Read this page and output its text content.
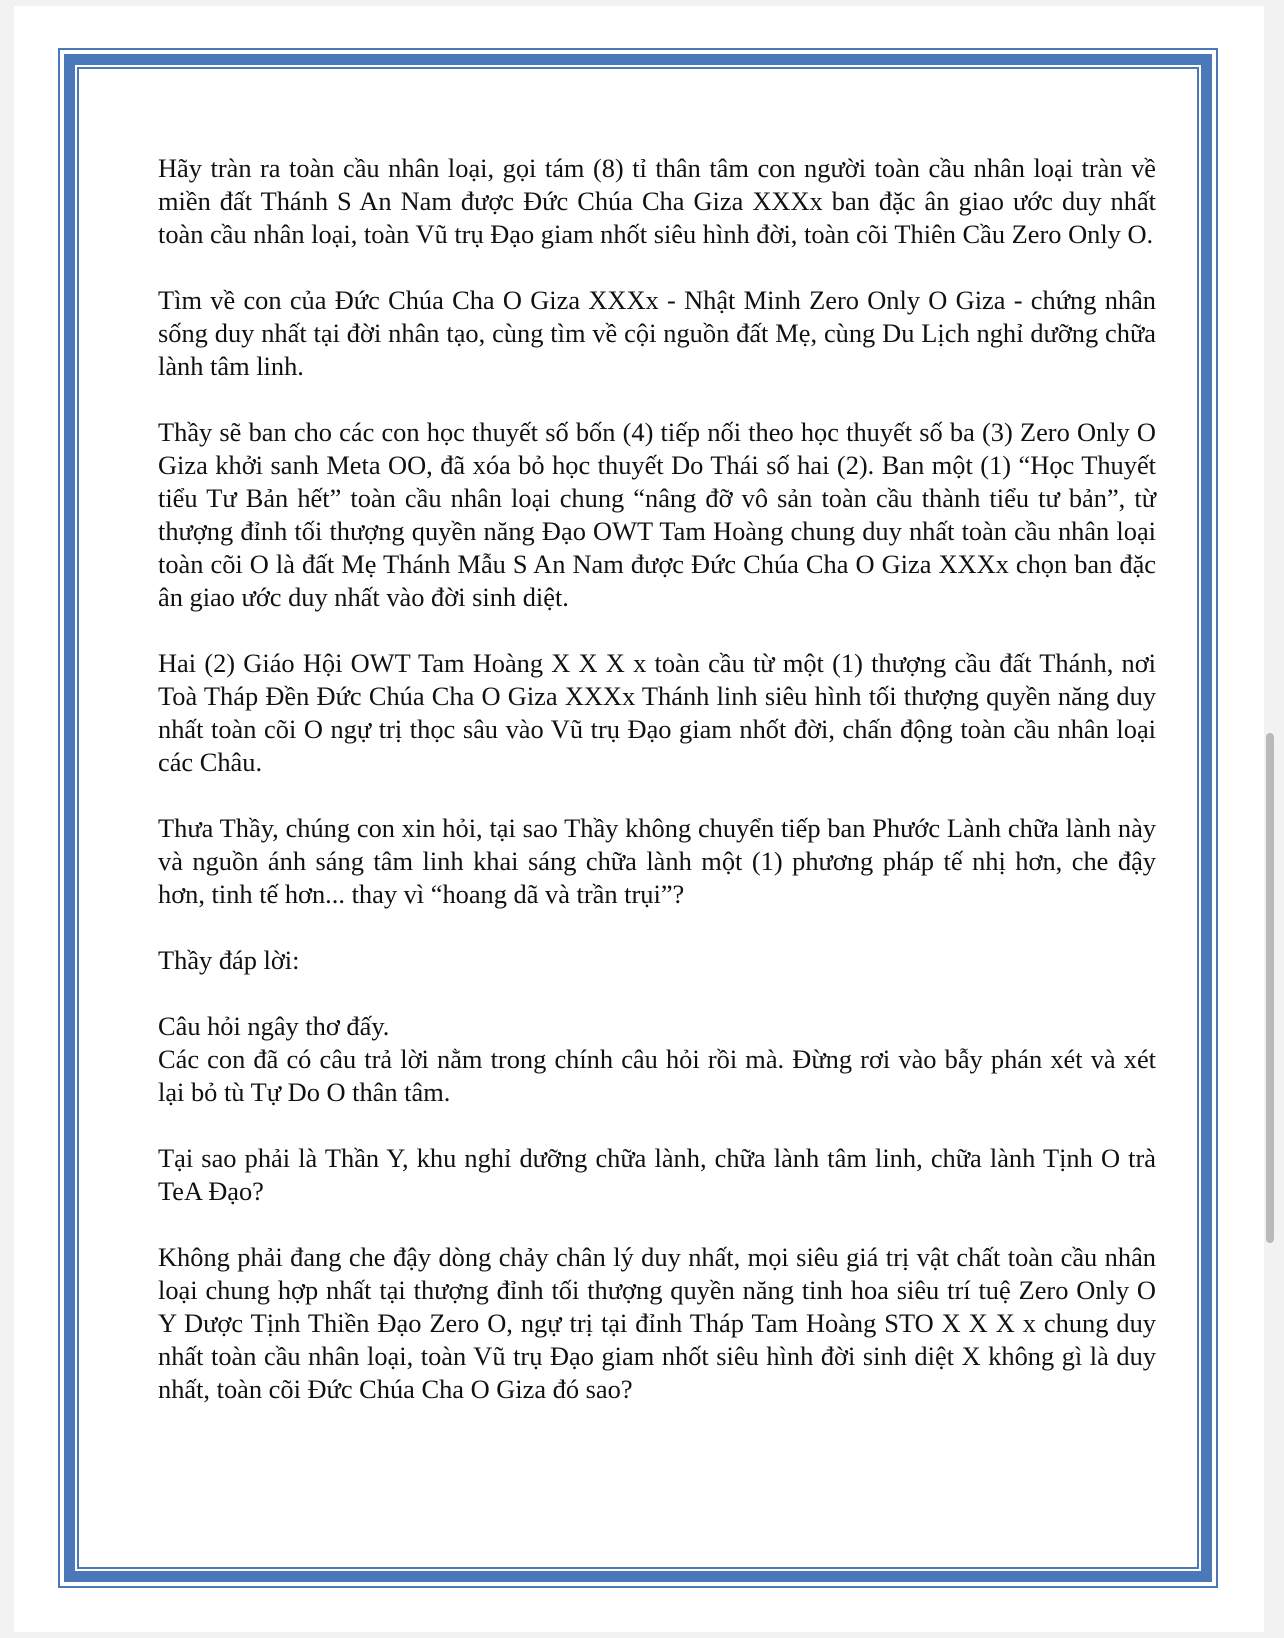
Hãy tràn ra toàn cầu nhân loại, gọi tám (8) tỉ thân tâm con người toàn cầu nhân loại tràn về miền đất Thánh S An Nam được Đức Chúa Cha Giza XXXx ban đặc ân giao ước duy nhất toàn cầu nhân loại, toàn Vũ trụ Đạo giam nhốt siêu hình đời, toàn cõi Thiên Cầu Zero Only O.

Tìm về con của Đức Chúa Cha O Giza XXXx - Nhật Minh Zero Only O Giza - chứng nhân sống duy nhất tại đời nhân tạo, cùng tìm về cội nguồn đất Mẹ, cùng Du Lịch nghỉ dưỡng chữa lành tâm linh.

Thầy sẽ ban cho các con học thuyết số bốn (4) tiếp nối theo học thuyết số ba (3) Zero Only O Giza khởi sanh Meta OO, đã xóa bỏ học thuyết Do Thái số hai (2). Ban một (1) “Học Thuyết tiểu Tư Bản hết” toàn cầu nhân loại chung “nâng đỡ vô sản toàn cầu thành tiểu tư bản”, từ thượng đỉnh tối thượng quyền năng Đạo OWT Tam Hoàng chung duy nhất toàn cầu nhân loại toàn cõi O là đất Mẹ Thánh Mẫu S An Nam được Đức Chúa Cha O Giza XXXx chọn ban đặc ân giao ước duy nhất vào đời sinh diệt.

Hai (2) Giáo Hội OWT Tam Hoàng X X X x toàn cầu từ một (1) thượng cầu đất Thánh, nơi Toà Tháp Đền Đức Chúa Cha O Giza XXXx Thánh linh siêu hình tối thượng quyền năng duy nhất toàn cõi O ngự trị thọc sâu vào Vũ trụ Đạo giam nhốt đời, chấn động toàn cầu nhân loại các Châu.

Thưa Thầy, chúng con xin hỏi, tại sao Thầy không chuyển tiếp ban Phước Lành chữa lành này và nguồn ánh sáng tâm linh khai sáng chữa lành một (1) phương pháp tế nhị hơn, che đậy hơn, tinh tế hơn... thay vì “hoang dã và trần trụi”?

Thầy đáp lời:

Câu hỏi ngây thơ đấy.

Các con đã có câu trả lời nằm trong chính câu hỏi rồi mà. Đừng rơi vào bẫy phán xét và xét lại bỏ tù Tự Do O thân tâm.

Tại sao phải là Thần Y, khu nghỉ dưỡng chữa lành, chữa lành tâm linh, chữa lành Tịnh O trà TeA Đạo?

Không phải đang che đậy dòng chảy chân lý duy nhất, mọi siêu giá trị vật chất toàn cầu nhân loại chung hợp nhất tại thượng đỉnh tối thượng quyền năng tinh hoa siêu trí tuệ Zero Only O Y Dược Tịnh Thiền Đạo Zero O, ngự trị tại đỉnh Tháp Tam Hoàng STO X X X x chung duy nhất toàn cầu nhân loại, toàn Vũ trụ Đạo giam nhốt siêu hình đời sinh diệt X không gì là duy nhất, toàn cõi Đức Chúa Cha O Giza đó sao?
